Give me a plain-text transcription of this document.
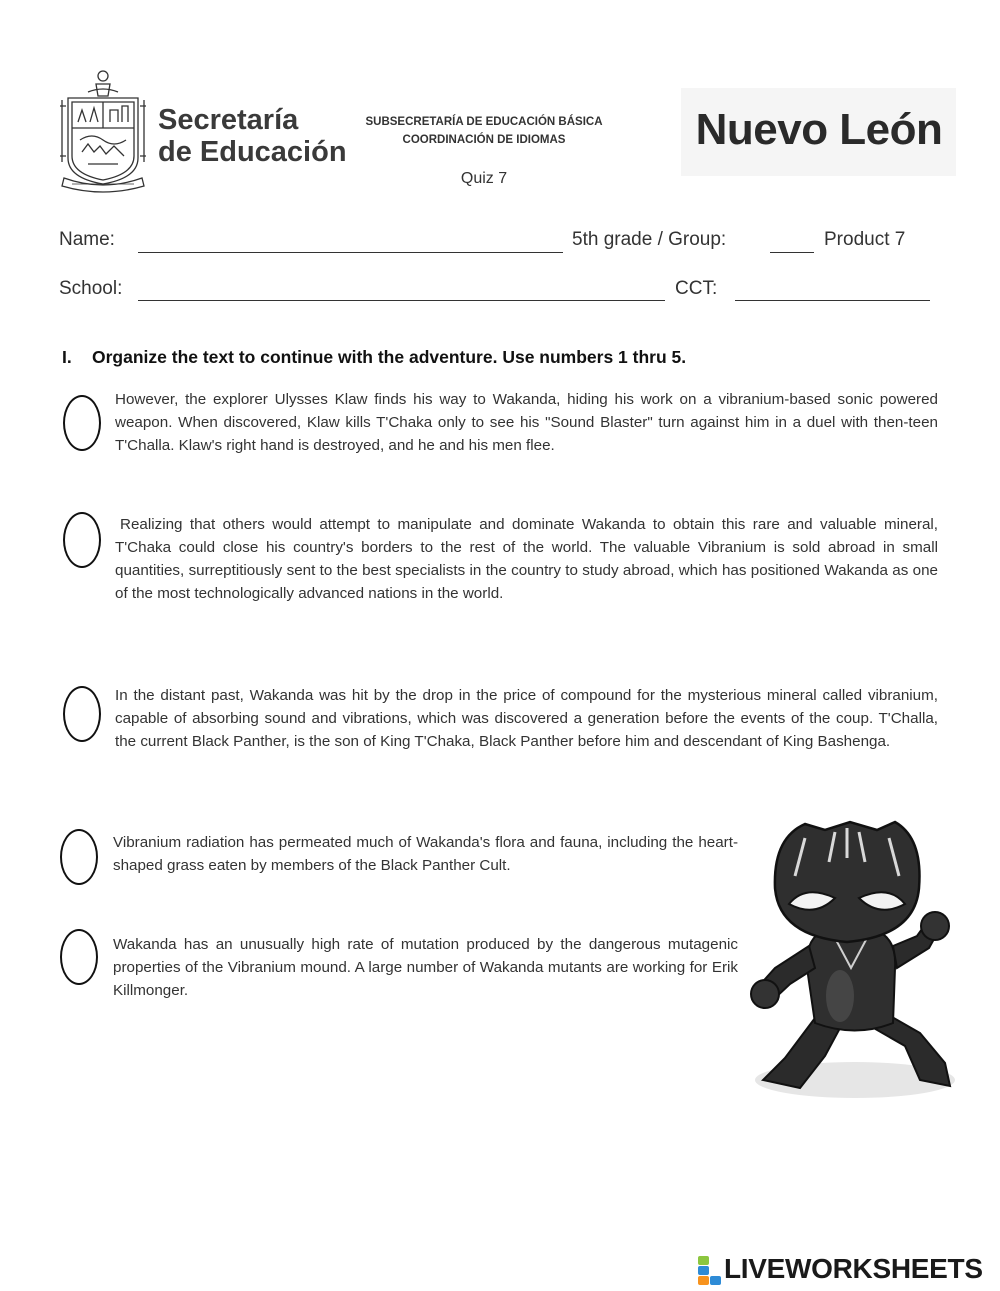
Secretaría
de Educación
SUBSECRETARÍA DE EDUCACIÓN BÁSICA
COORDINACIÓN DE IDIOMAS
Quiz 7
Nuevo León
Name:	5th grade / Group:	Product 7
School:	CCT:
I. Organize the text to continue with the adventure. Use numbers 1 thru 5.
However, the explorer Ulysses Klaw finds his way to Wakanda, hiding his work on a vibranium-based sonic powered weapon. When discovered, Klaw kills T'Chaka only to see his "Sound Blaster" turn against him in a duel with then-teen T'Challa. Klaw's right hand is destroyed, and he and his men flee.
Realizing that others would attempt to manipulate and dominate Wakanda to obtain this rare and valuable mineral, T'Chaka could close his country's borders to the rest of the world. The valuable Vibranium is sold abroad in small quantities, surreptitiously sent to the best specialists in the country to study abroad, which has positioned Wakanda as one of the most technologically advanced nations in the world.
In the distant past, Wakanda was hit by the drop in the price of compound for the mysterious mineral called vibranium, capable of absorbing sound and vibrations, which was discovered a generation before the events of the coup. T'Challa, the current Black Panther, is the son of King T'Chaka, Black Panther before him and descendant of King Bashenga.
Vibranium radiation has permeated much of Wakanda's flora and fauna, including the heart-shaped grass eaten by members of the Black Panther Cult.
Wakanda has an unusually high rate of mutation produced by the dangerous mutagenic properties of the Vibranium mound. A large number of Wakanda mutants are working for Erik Killmonger.
LIVEWORKSHEETS
